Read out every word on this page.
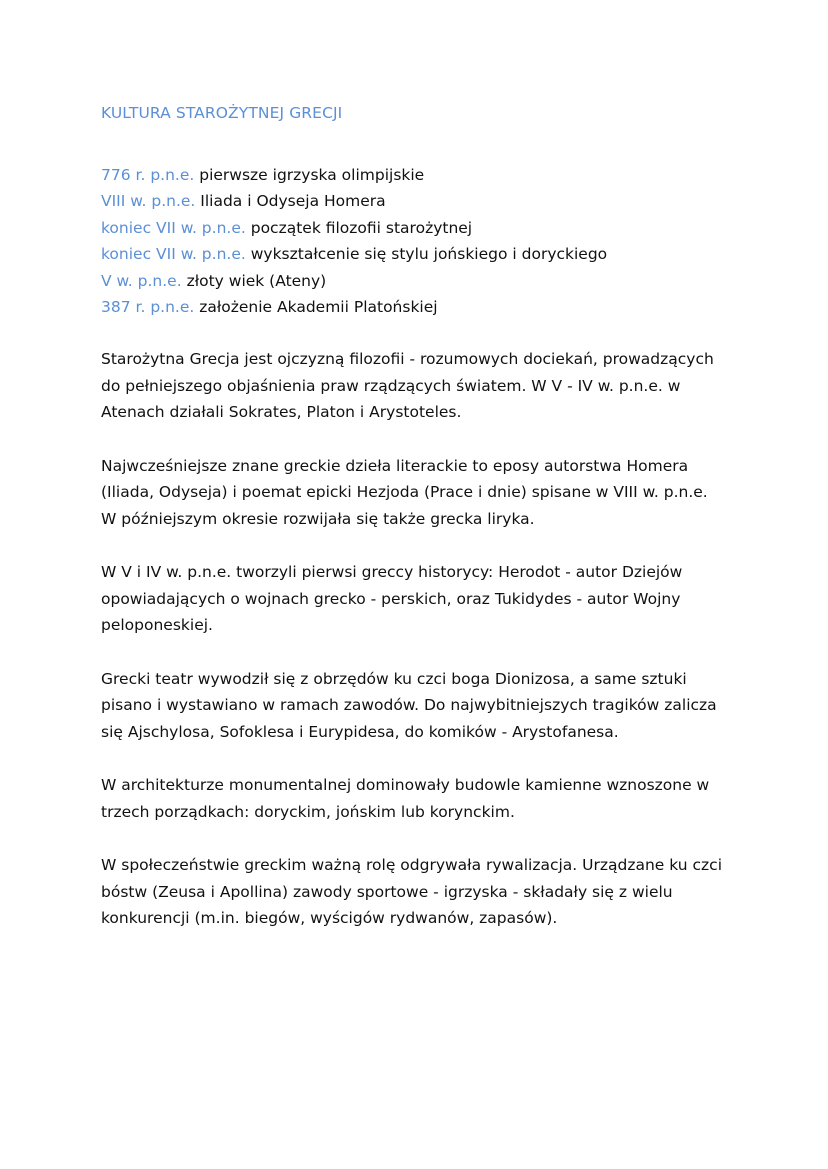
KULTURA STAROŻYTNEJ GRECJI
776 r. p.n.e. pierwsze igrzyska olimpijskie
VIII w. p.n.e. Iliada i Odyseja Homera
koniec VII w. p.n.e. początek filozofii starożytnej
koniec VII w. p.n.e. wykształcenie się stylu jońskiego i doryckiego
V w. p.n.e. złoty wiek (Ateny)
387 r. p.n.e. założenie Akademii Platońskiej

Starożytna Grecja jest ojczyzną filozofii - rozumowych dociekań, prowadzących
do pełniejszego objaśnienia praw rządzących światem. W V - IV w. p.n.e. w
Atenach działali Sokrates, Platon i Arystoteles.

Najwcześniejsze znane greckie dzieła literackie to eposy autorstwa Homera
(Iliada, Odyseja) i poemat epicki Hezjoda (Prace i dnie) spisane w VIII w. p.n.e.
W późniejszym okresie rozwijała się także grecka liryka.

W V i IV w. p.n.e. tworzyli pierwsi greccy historycy: Herodot - autor Dziejów
opowiadających o wojnach grecko - perskich, oraz Tukidydes - autor Wojny
peloponeskiej.

Grecki teatr wywodził się z obrzędów ku czci boga Dionizosa, a same sztuki
pisano i wystawiano w ramach zawodów. Do najwybitniejszych tragików zalicza
się Ajschylosa, Sofoklesa i Eurypidesa, do komików - Arystofanesa.

W architekturze monumentalnej dominowały budowle kamienne wznoszone w
trzech porządkach: doryckim, jońskim lub korynckim.

W społeczeństwie greckim ważną rolę odgrywała rywalizacja. Urządzane ku czci
bóstw (Zeusa i Apollina) zawody sportowe - igrzyska - składały się z wielu
konkurencji (m.in. biegów, wyścigów rydwanów, zapasów).
